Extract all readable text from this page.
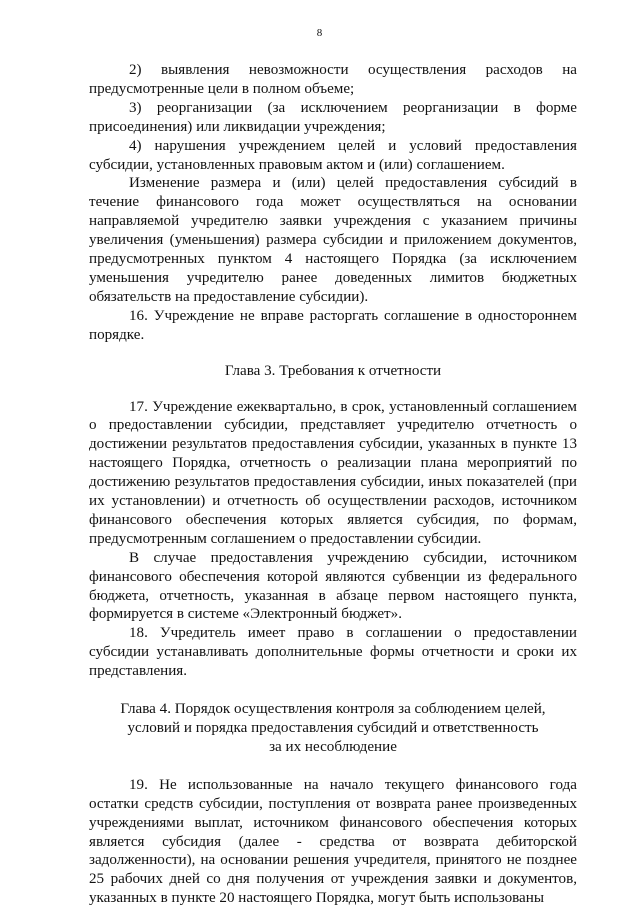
8

2) выявления невозможности осуществления расходов на предусмотренные цели в полном объеме;

3) реорганизации (за исключением реорганизации в форме присоединения) или ликвидации учреждения;

4) нарушения учреждением целей и условий предоставления субсидии, установленных правовым актом и (или) соглашением.

Изменение размера и (или) целей предоставления субсидий в течение финансового года может осуществляться на основании направляемой учредителю заявки учреждения с указанием причины увеличения (уменьшения) размера субсидии и приложением документов, предусмотренных пунктом 4 настоящего Порядка (за исключением уменьшения учредителю ранее доведенных лимитов бюджетных обязательств на предоставление субсидии).

16. Учреждение не вправе расторгать соглашение в одностороннем порядке.

Глава 3. Требования к отчетности

17. Учреждение ежеквартально, в срок, установленный соглашением о предоставлении субсидии, представляет учредителю отчетность о достижении результатов предоставления субсидии, указанных в пункте 13 настоящего Порядка, отчетность о реализации плана мероприятий по достижению результатов предоставления субсидии, иных показателей (при их установлении) и отчетность об осуществлении расходов, источником финансового обеспечения которых является субсидия, по формам, предусмотренным соглашением о предоставлении субсидии.

В случае предоставления учреждению субсидии, источником финансового обеспечения которой являются субвенции из федерального бюджета, отчетность, указанная в абзаце первом настоящего пункта, формируется в системе «Электронный бюджет».

18. Учредитель имеет право в соглашении о предоставлении субсидии устанавливать дополнительные формы отчетности и сроки их представления.

Глава 4. Порядок осуществления контроля за соблюдением целей,
условий и порядка предоставления субсидий и ответственность
за их несоблюдение

19. Не использованные на начало текущего финансового года остатки средств субсидии, поступления от возврата ранее произведенных учреждениями выплат, источником финансового обеспечения которых является субсидия (далее - средства от возврата дебиторской задолженности), на основании решения учредителя, принятого не позднее 25 рабочих дней со дня получения от учреждения заявки и документов, указанных в пункте 20 настоящего Порядка, могут быть использованы
